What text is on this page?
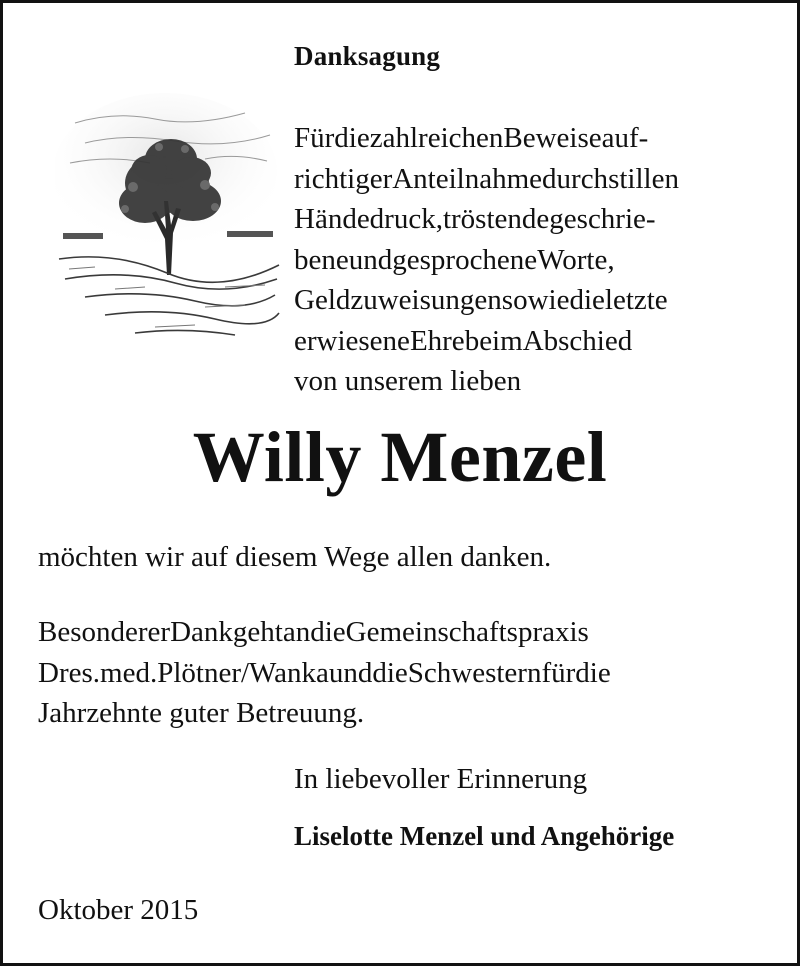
Danksagung
FürdiezahlreichenBeweiseauf-
richtigerAnteilnahmedurchstillen
Händedruck,tröstendegeschrie-
beneundgesprocheneWorte,
Geldzuweisungensowiedieletzte
erwieseneEhrebeimAbschied
von unserem lieben
Willy Menzel
möchten wir auf diesem Wege allen danken.
BesondererDankgehtandieGemeinschaftspraxis
Dres.med.Plötner/WankaunddieSchwesternfürdie
Jahrzehnte guter Betreuung.
In liebevoller Erinnerung
Liselotte Menzel und Angehörige
Oktober 2015
